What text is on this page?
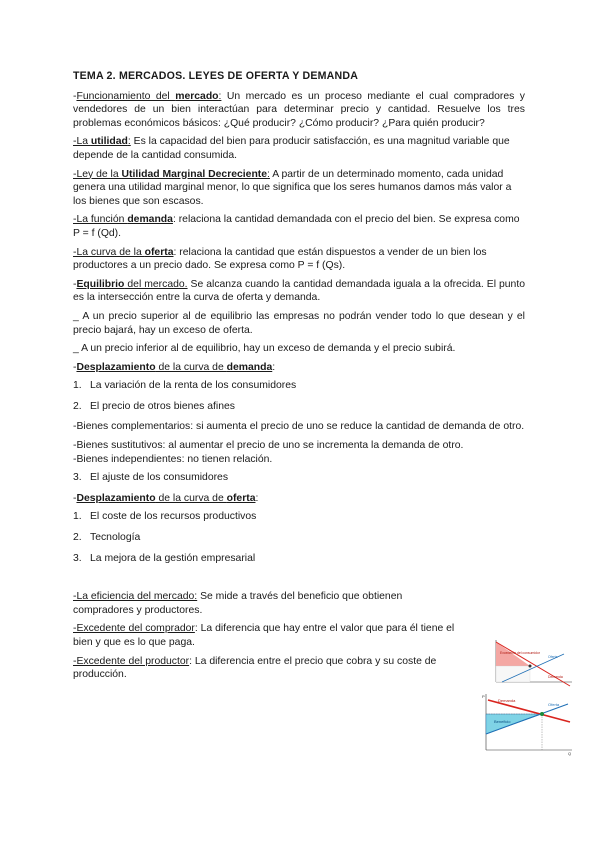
TEMA 2. MERCADOS. LEYES DE OFERTA Y DEMANDA

-Funcionamiento del mercado: Un mercado es un proceso mediante el cual compradores y vendedores de un bien interactúan para determinar precio y cantidad. Resuelve los tres problemas económicos básicos: ¿Qué producir? ¿Cómo producir? ¿Para quién producir?

-La utilidad: Es la capacidad del bien para producir satisfacción, es una magnitud variable que depende de la cantidad consumida.

-Ley de la Utilidad Marginal Decreciente: A partir de un determinado momento, cada unidad genera una utilidad marginal menor, lo que significa que los seres humanos damos más valor a los bienes que son escasos.

-La función demanda: relaciona la cantidad demandada con el precio del bien. Se expresa como P = f (Qd).

-La curva de la oferta: relaciona la cantidad que están dispuestos a vender de un bien los productores a un precio dado. Se expresa como P = f (Qs).

-Equilibrio del mercado. Se alcanza cuando la cantidad demandada iguala a la ofrecida. El punto es la intersección entre la curva de oferta y demanda.

_ A un precio superior al de equilibrio las empresas no podrán vender todo lo que desean y el precio bajará, hay un exceso de oferta.

_ A un precio inferior al de equilibrio, hay un exceso de demanda y el precio subirá.

-Desplazamiento de la curva de demanda:

1. La variación de la renta de los consumidores
2. El precio de otros bienes afines

-Bienes complementarios: si aumenta el precio de uno se reduce la cantidad de demanda de otro.

-Bienes sustitutivos: al aumentar el precio de uno se incrementa la demanda de otro.

-Bienes independientes: no tienen relación.

3. El ajuste de los consumidores

-Desplazamiento de la curva de oferta:

1. El coste de los recursos productivos
2. Tecnología
3. La mejora de la gestión empresarial

-La eficiencia del mercado: Se mide a través del beneficio que obtienen compradores y productores.

-Excedente del comprador: La diferencia que hay entre el valor que para él tiene el bien y que es lo que paga.

-Excedente del productor: La diferencia entre el precio que cobra y su coste de producción.

Excedente del consumidor
Oferta
Demanda
P
Q
Demanda
Oferta
Beneficio
